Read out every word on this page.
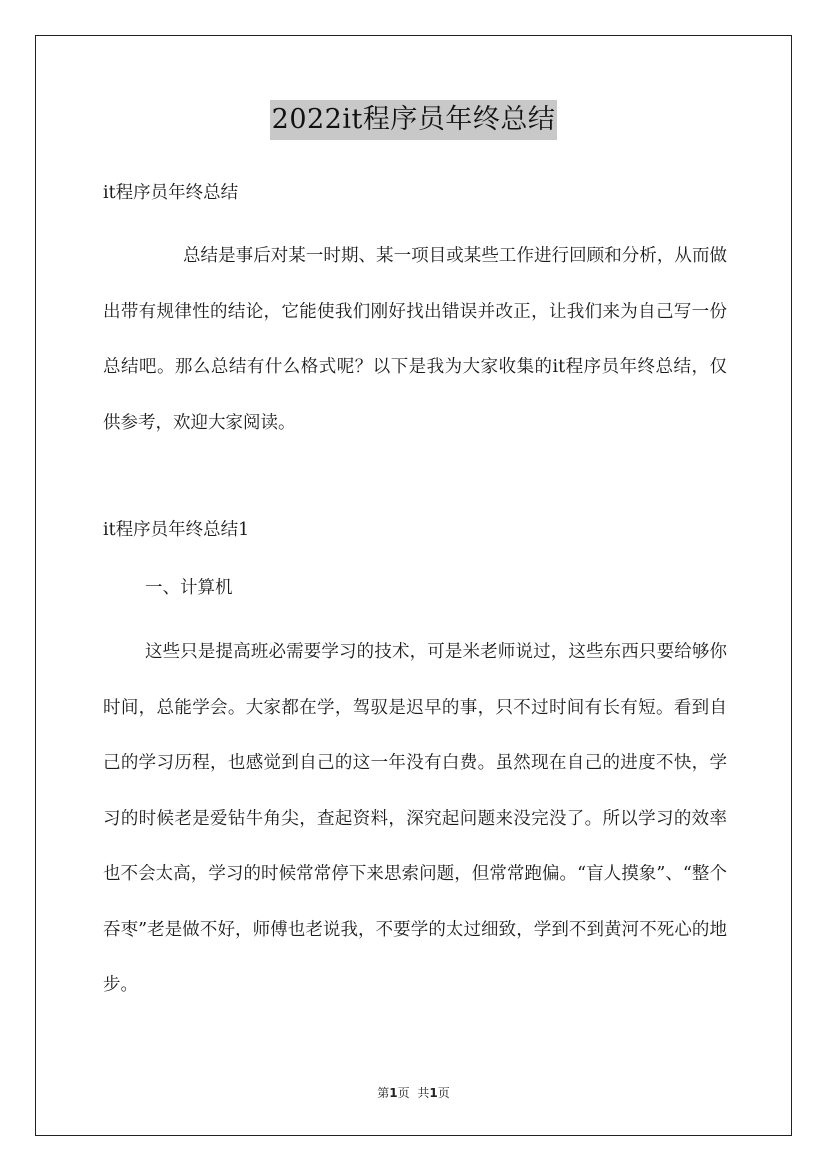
2022it程序员年终总结

it程序员年终总结

总结是事后对某一时期、某一项目或某些工作进行回顾和分析，从而做出带有规律性的结论，它能使我们刚好找出错误并改正，让我们来为自己写一份总结吧。那么总结有什么格式呢？以下是我为大家收集的it程序员年终总结，仅供参考，欢迎大家阅读。

it程序员年终总结1

一、计算机

这些只是提高班必需要学习的技术，可是米老师说过，这些东西只要给够你时间，总能学会。大家都在学，驾驭是迟早的事，只不过时间有长有短。看到自己的学习历程，也感觉到自己的这一年没有白费。虽然现在自己的进度不快，学习的时候老是爱钻牛角尖，查起资料，深究起问题来没完没了。所以学习的效率也不会太高，学习的时候常常停下来思索问题，但常常跑偏。“盲人摸象”、“整个吞枣”老是做不好，师傅也老说我，不要学的太过细致，学到不到黄河不死心的地步。

第1页 共1页
